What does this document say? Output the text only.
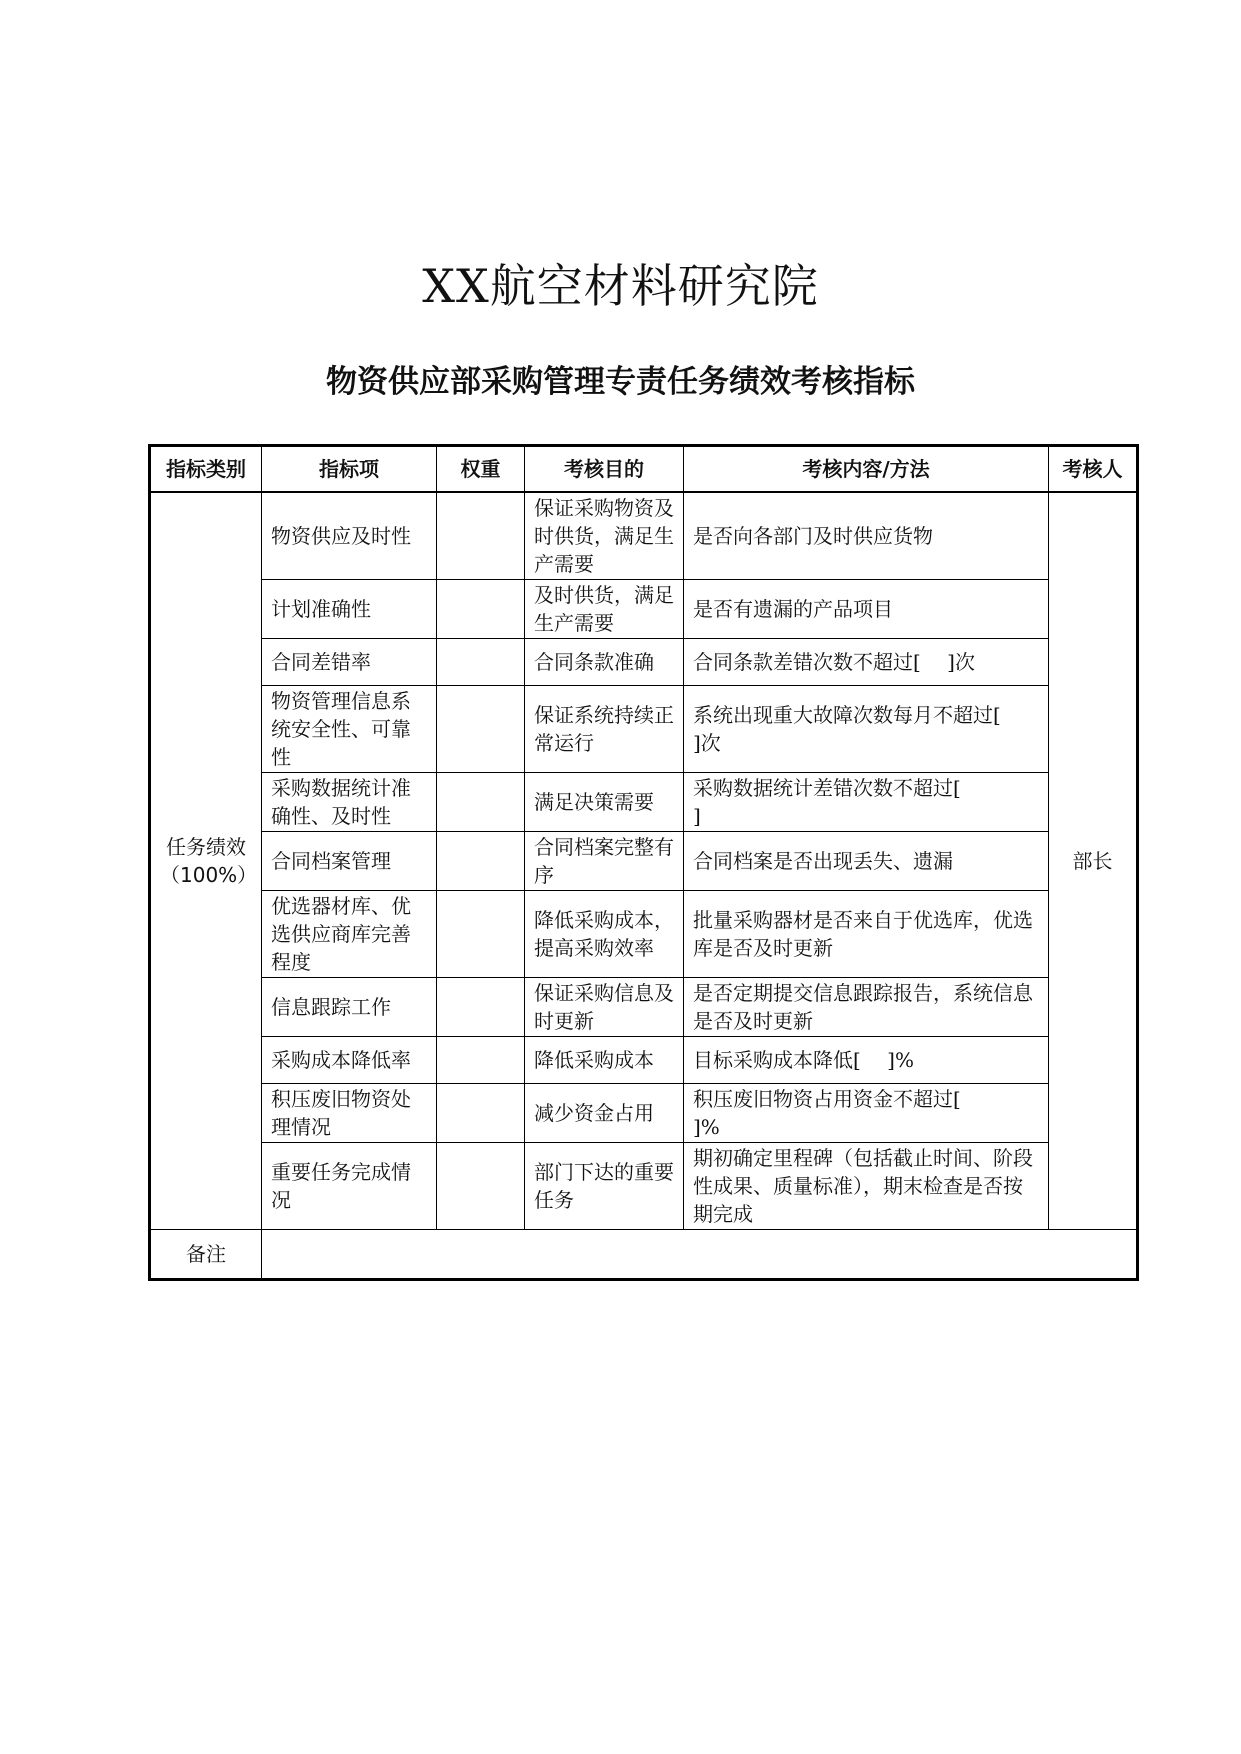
XX航空材料研究院
物资供应部采购管理专责任务绩效考核指标
指标类别	指标项	权重	考核目的	考核内容/方法	考核人
任务绩效
（100%）	物资供应及时性		保证采购物资及时供货，满足生产需要	是否向各部门及时供应货物	部长
	计划准确性		及时供货，满足生产需要	是否有遗漏的产品项目	
	合同差错率		合同条款准确	合同条款差错次数不超过[　 ]次	
	物资管理信息系统安全性、可靠性		保证系统持续正常运行	系统出现重大故障次数每月不超过[　　]次	
	采购数据统计准确性、及时性		满足决策需要	采购数据统计差错次数不超过[　　　　　　　　　　 ]	
	合同档案管理		合同档案完整有序	合同档案是否出现丢失、遗漏	
	优选器材库、优选供应商库完善程度		降低采购成本，提高采购效率	批量采购器材是否来自于优选库，优选库是否及时更新	
	信息跟踪工作		保证采购信息及时更新	是否定期提交信息跟踪报告，系统信息是否及时更新	
	采购成本降低率		降低采购成本	目标采购成本降低[　 ]%	
	积压废旧物资处理情况		减少资金占用	积压废旧物资占用资金不超过[　　　　　　　　　 ]%	
	重要任务完成情况		部门下达的重要任务	期初确定里程碑（包括截止时间、阶段性成果、质量标准），期末检查是否按期完成	
备注					
